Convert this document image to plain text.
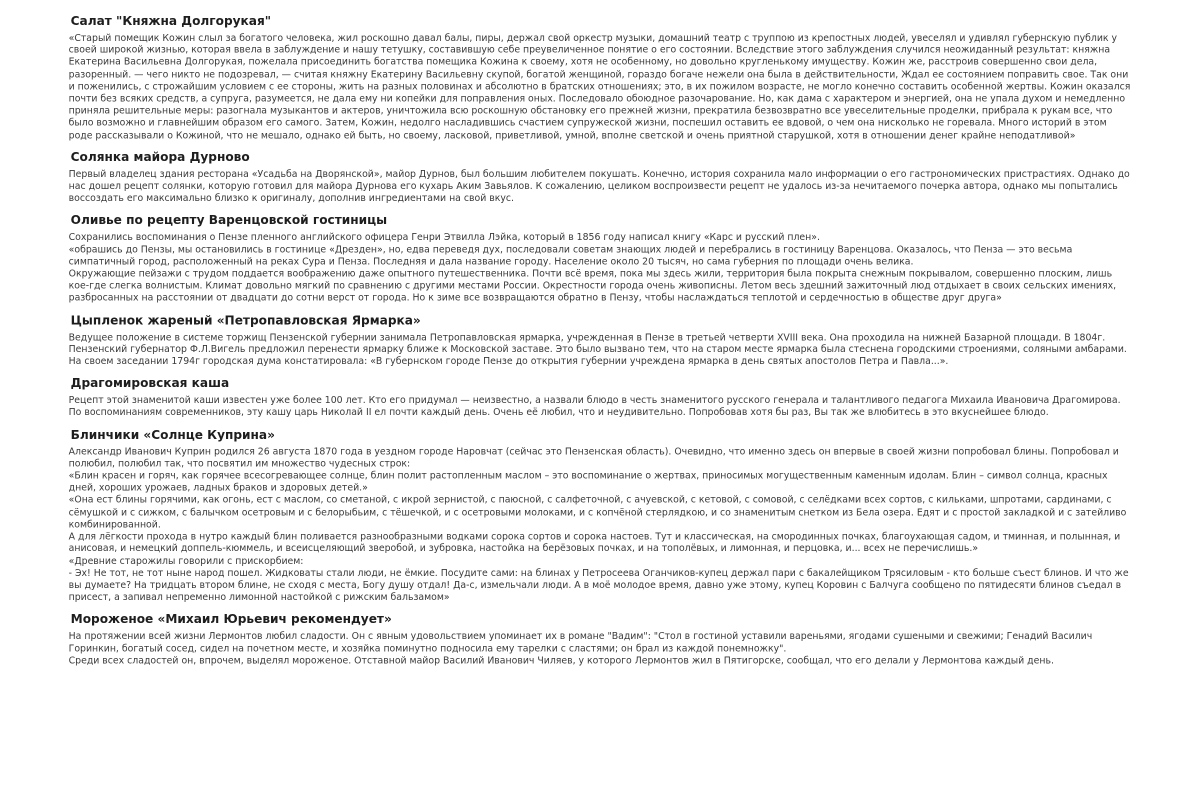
Салат "Княжна Долгорукая"

«Старый помещик Кожин слыл за богатого человека, жил роскошно давал балы, пиры, держал свой оркестр музыки, домашний театр с труппою из крепостных людей, увеселял и удивлял губернскую публик у своей широкой жизнью, которая ввела в заблуждение и нашу тетушку, составившую себе преувеличенное понятие о его состоянии. Вследствие этого заблуждения случился неожиданный результат: княжна Екатерина Васильевна Долгорукая, пожелала присоединить богатства помещика Кожина к своему, хотя не особенному, но довольно кругленькому имуществу. Кожин же, расстроив совершенно свои дела, разоренный. — чего никто не подозревал, — считая княжну Екатерину Васильевну скупой, богатой женщиной, гораздо богаче нежели она была в действительности, Ждал ее состоянием поправить свое. Так они и поженились, с строжайшим условием с ее стороны, жить на разных половинах и абсолютно в братских отношениях; это, в их пожилом возрасте, не могло конечно составить особенной жертвы. Кожин оказался почти без всяких средств, а супруга, разумеется, не дала ему ни копейки для поправления оных. Последовало обоюдное разочарование. Но, как дама с характером и энергией, она не упала духом и немедленно приняла решительные меры: разогнала музыкантов и актеров, уничтожила всю роскошную обстановку его прежней жизни, прекратила безвозвратно все увеселительные проделки, прибрала к рукам все, что было возможно и главнейшим образом его самого. Затем, Кожин, недолго насладившись счастием супружеской жизни, поспешил оставить ее вдовой, о чем она нисколько не горевала. Много историй в этом роде рассказывали о Кожиной, что не мешало, однако ей быть, но своему, ласковой, приветливой, умной, вполне светской и очень приятной старушкой, хотя в отношении денег крайне неподатливой»

Солянка майора Дурново

Первый владелец здания ресторана «Усадьба на Дворянской», майор Дурнов, был большим любителем покушать. Конечно, история сохранила мало информации о его гастрономических пристрастиях. Однако до нас дошел рецепт солянки, которую готовил для майора Дурнова его кухарь Аким Завьялов. К сожалению, целиком воспроизвести рецепт не удалось из-за нечитаемого почерка автора, однако мы попытались воссоздать его максимально близко к оригиналу, дополнив ингредиентами на свой вкус.

Оливье по рецепту Варенцовской гостиницы

Сохранились воспоминания о Пензе пленного английского офицера Генри Этвилла Лэйка, который в 1856 году написал книгу «Карс и русский плен».

«обрашись до Пензы, мы остановились в гостинице «Дрезден», но, едва переведя дух, последовали советам знающих людей и перебрались в гостиницу Варенцова. Оказалось, что Пенза — это весьма симпатичный город, расположенный на реках Сура и Пенза. Последняя и дала название городу. Население около 20 тысяч, но сама губерния по площади очень велика.

Окружающие пейзажи с трудом поддается воображению даже опытного путешественника. Почти всё время, пока мы здесь жили, территория была покрыта снежным покрывалом, совершенно плоским, лишь кое-где слегка волнистым. Климат довольно мягкий по сравнению с другими местами России. Окрестности города очень живописны. Летом весь здешний зажиточный люд отдыхает в своих сельских имениях, разбросанных на расстоянии от двадцати до сотни верст от города. Но к зиме все возвращаются обратно в Пензу, чтобы наслаждаться теплотой и сердечностью в обществе друг друга»

Цыпленок жареный «Петропавловская Ярмарка»

Ведущее положение в системе торжищ Пензенской губернии занимала Петропавловская ярмарка, учрежденная в Пензе в третьей четверти XVIII века. Она проходила на нижней Базарной площади. В 1804г. Пензенский губернатор Ф.Л.Вигель предложил перенести ярмарку ближе к Московской заставе. Это было вызвано тем, что на старом месте ярмарка была стеснена городскими строениями, соляными амбарами. На своем заседании 1794г городская дума констатировала: «В губернском городе Пензе до открытия губернии учреждена ярмарка в день святых апостолов Петра и Павла...».

Драгомировская каша

Рецепт этой знаменитой каши известен уже более 100 лет. Кто его придумал — неизвестно, а назвали блюдо в честь знаменитого русского генерала и талантливого педагога Михаила Ивановича Драгомирова. По воспоминаниям современников, эту кашу царь Николай II ел почти каждый день. Очень её любил, что и неудивительно. Попробовав хотя бы раз, Вы так же влюбитесь в это вкуснейшее блюдо.

Блинчики «Солнце Куприна»

Александр Иванович Куприн родился 26 августа 1870 года в уездном городе Наровчат (сейчас это Пензенская область). Очевидно, что именно здесь он впервые в своей жизни попробовал блины. Попробовал и полюбил, полюбил так, что посвятил им множество чудесных строк:

«Блин красен и горяч, как горячее всесогревающее солнце, блин полит растопленным маслом – это воспоминание о жертвах, приносимых могущественным каменным идолам. Блин – символ солнца, красных дней, хороших урожаев, ладных браков и здоровых детей.»

«Она ест блины горячими, как огонь, ест с маслом, со сметаной, с икрой зернистой, с паюсной, с салфеточной, с ачуевской, с кетовой, с сомовой, с селёдками всех сортов, с кильками, шпротами, сардинами, с сёмушкой и с сижком, с балычком осетровым и с белорыбьим, с тёшечкой, и с осетровыми молоками, и с копчёной стерлядкою, и со знаменитым снетком из Бела озера. Едят и с простой закладкой и с затейливо комбинированной.

А для лёгкости прохода в нутро каждый блин поливается разнообразными водками сорока сортов и сорока настоев. Тут и классическая, на смородинных почках, благоухающая садом, и тминная, и полынная, и анисовая, и немецкий доппель-кюммель, и всеисцеляющий зверобой, и зубровка, настойка на берёзовых почках, и на тополёвых, и лимонная, и перцовка, и... всех не перечислишь.»

«Древние старожилы говорили с прискорбием:

- Эх! Не тот, не тот ныне народ пошел. Жидковаты стали люди, не ёмкие. Посудите сами: на блинах у Петросеева Оганчиков-купец держал пари с бакалейщиком Трясиловым - кто больше съест блинов. И что же вы думаете? На тридцать втором блине, не сходя с места, Богу душу отдал! Да-с, измельчали люди. А в моё молодое время, давно уже этому, купец Коровин с Балчуга сообщено по пятидесяти блинов съедал в присест, а запивал непременно лимонной настойкой с рижским бальзамом»

Мороженое «Михаил Юрьевич рекомендует»

На протяжении всей жизни Лермонтов любил сладости. Он с явным удовольствием упоминает их в романе "Вадим": "Стол в гостиной уставили вареньями, ягодами сушеными и свежими; Генадий Василич Горинкин, богатый сосед, сидел на почетном месте, и хозяйка поминутно подносила ему тарелки с сластями; он брал из каждой понемножку".

Среди всех сладостей он, впрочем, выделял мороженое. Отставной майор Василий Иванович Чиляев, у которого Лермонтов жил в Пятигорске, сообщал, что его делали у Лермонтова каждый день.
